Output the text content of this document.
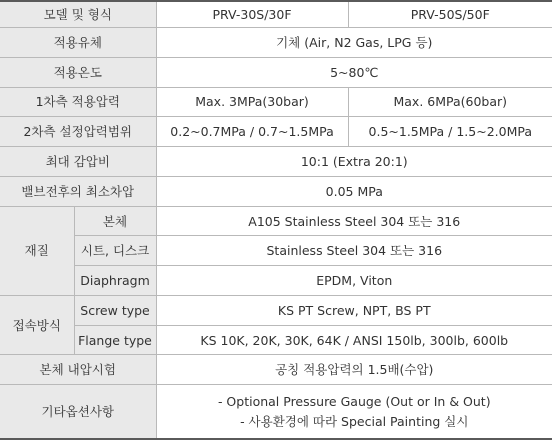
모델 및 형식		PRV-30S/30F	PRV-50S/50F
적용유체		기체 (Air, N2 Gas, LPG 등)	
적용온도		5~80℃	
1차측 적용압력		Max. 3MPa(30bar)	Max. 6MPa(60bar)
2차측 설정압력범위		0.2~0.7MPa / 0.7~1.5MPa	0.5~1.5MPa / 1.5~2.0MPa
최대 감압비		10:1 (Extra 20:1)	
밸브전후의 최소차압		0.05 MPa	
재질	본체	A105 Stainless Steel 304 또는 316	
	시트, 디스크	Stainless Steel 304 또는 316	
	Diaphragm	EPDM, Viton	
접속방식	Screw type	KS PT Screw, NPT, BS PT	
	Flange type	KS 10K, 20K, 30K, 64K / ANSI 150lb, 300lb, 600lb	
본체 내압시험		공칭 적용압력의 1.5배(수압)	
기타옵션사항		- Optional Pressure Gauge (Out or In & Out)
- 사용환경에 따라 Special Painting 실시	
